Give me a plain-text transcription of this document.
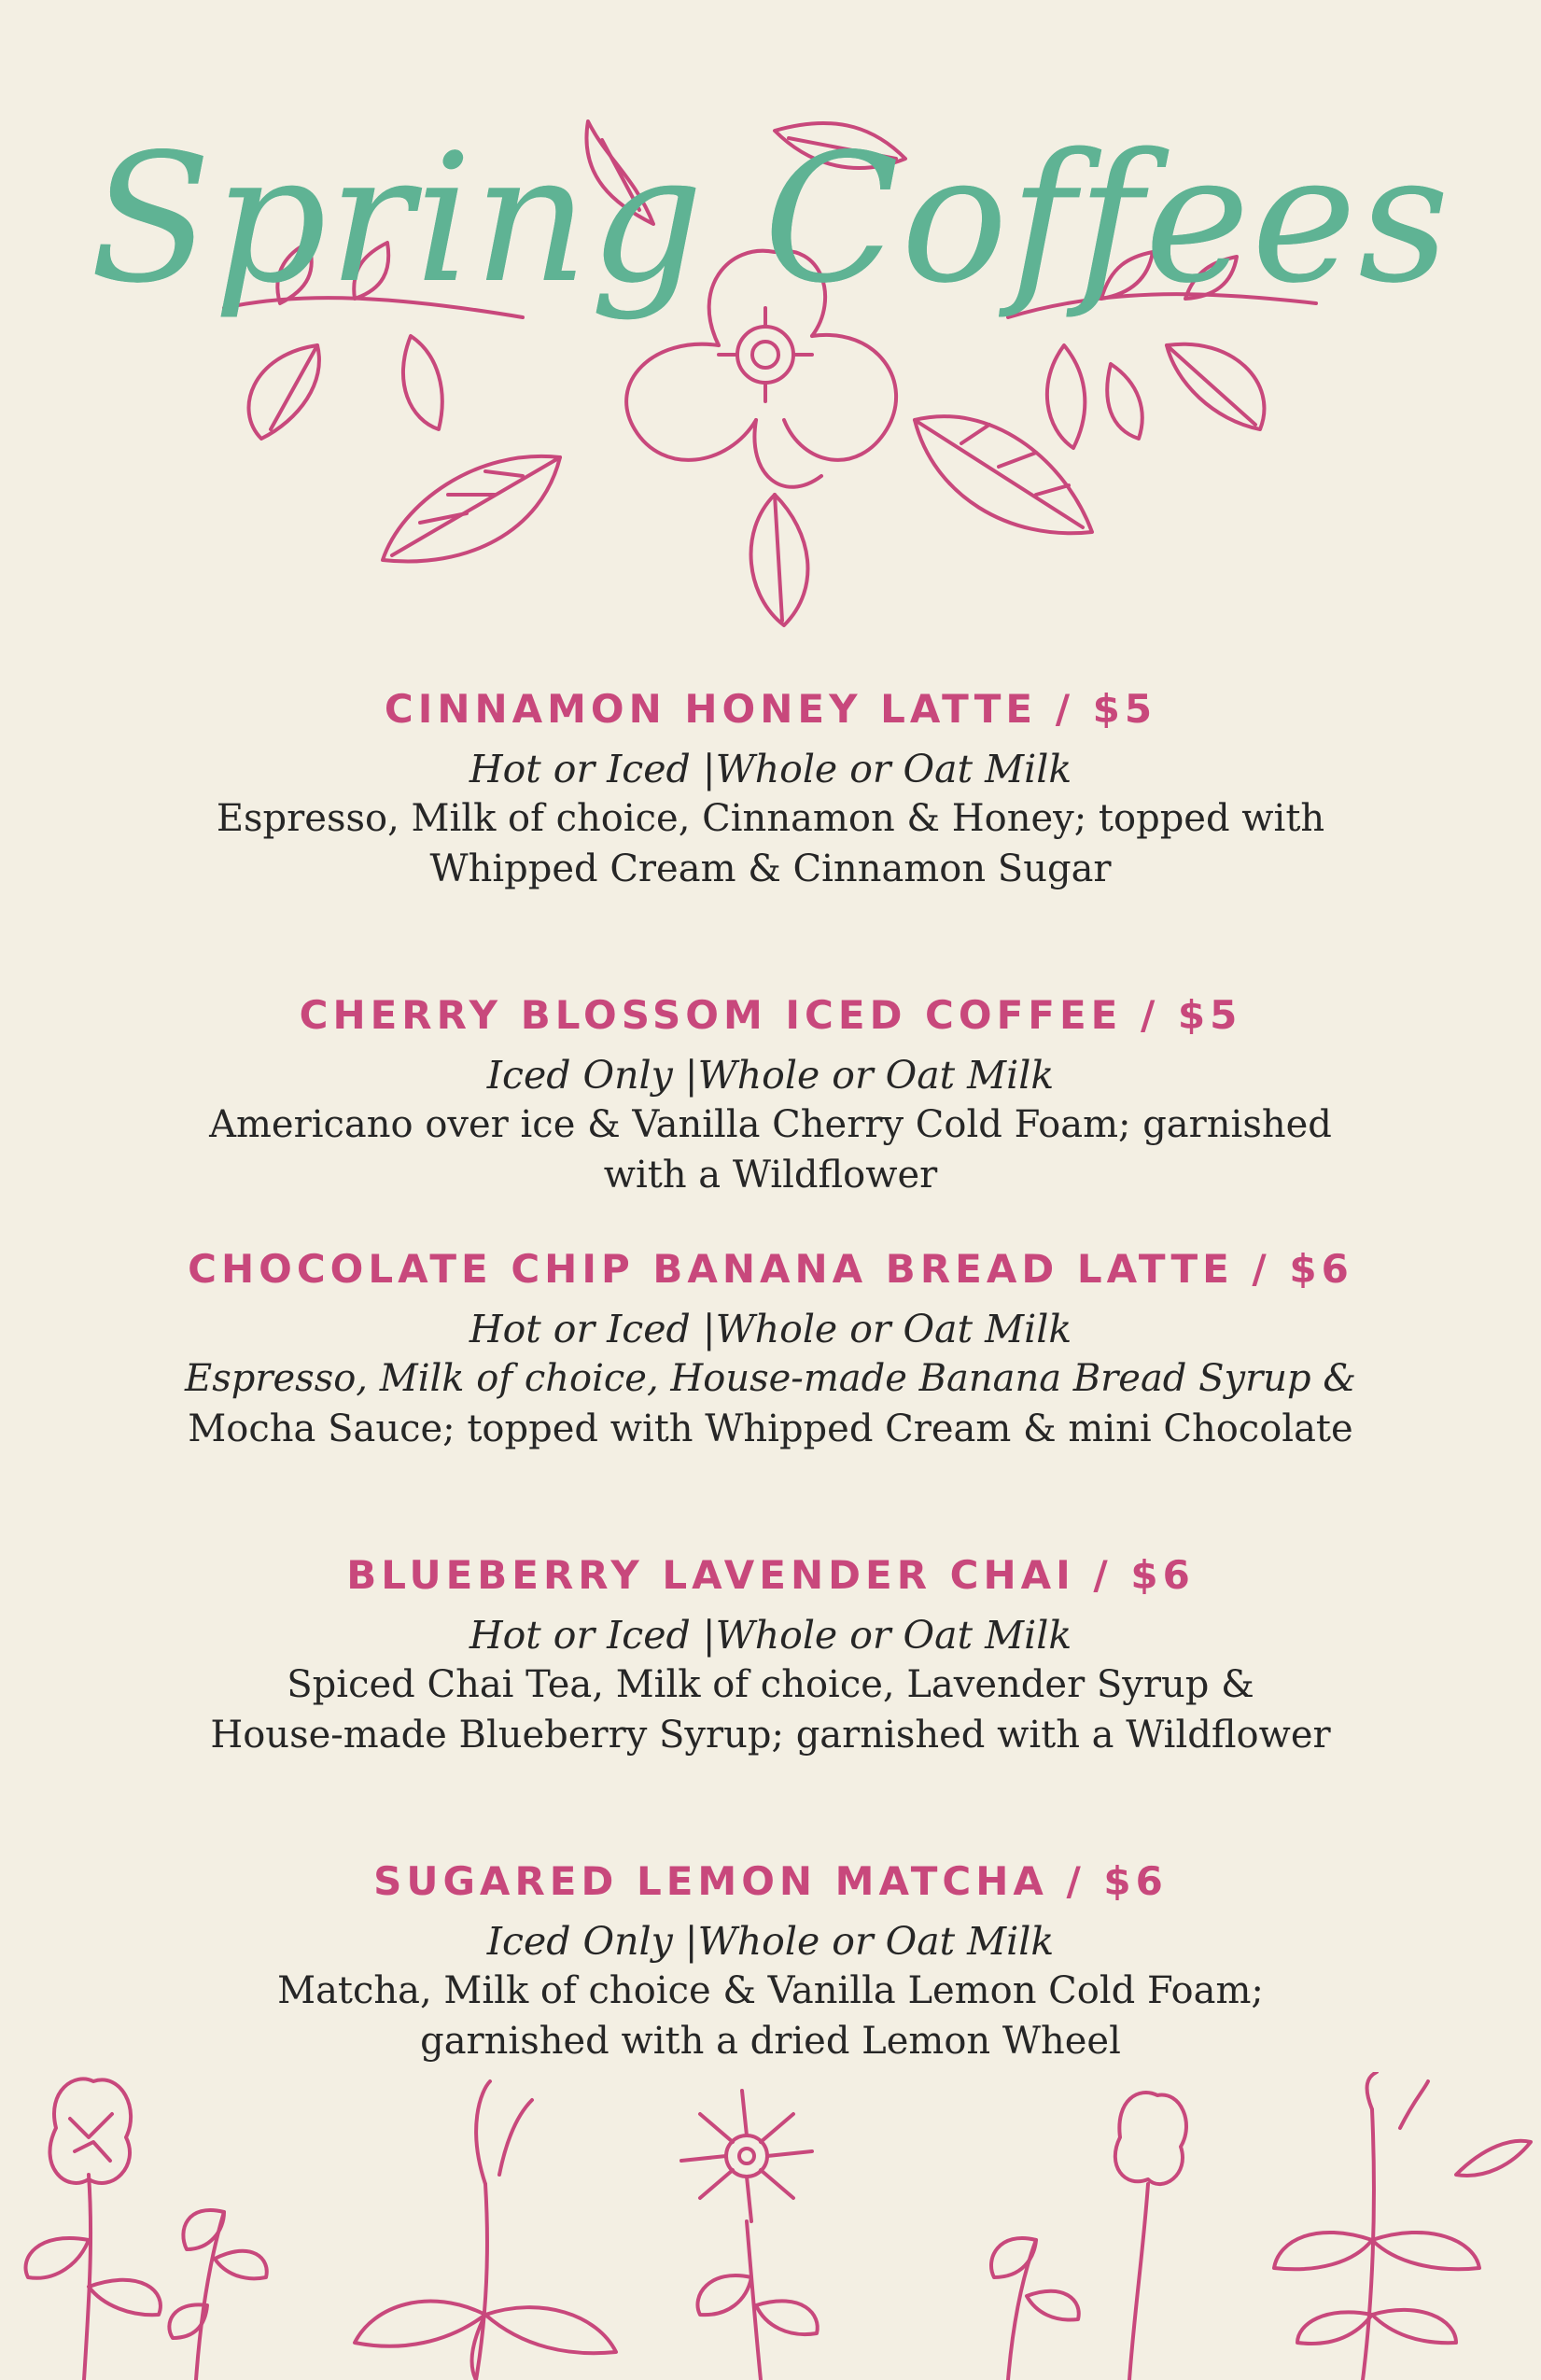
Spring Coffees
CINNAMON HONEY LATTE / $5
Hot or Iced |Whole or Oat Milk
Espresso, Milk of choice, Cinnamon & Honey; topped with
Whipped Cream & Cinnamon Sugar
CHERRY BLOSSOM ICED COFFEE / $5
Iced Only |Whole or Oat Milk
Americano over ice & Vanilla Cherry Cold Foam; garnished
with a Wildflower
CHOCOLATE CHIP BANANA BREAD LATTE / $6
Hot or Iced |Whole or Oat Milk
Espresso, Milk of choice, House-made Banana Bread Syrup &
Mocha Sauce; topped with Whipped Cream & mini Chocolate
BLUEBERRY LAVENDER CHAI / $6
Hot or Iced |Whole or Oat Milk
Spiced Chai Tea, Milk of choice, Lavender Syrup &
House-made Blueberry Syrup; garnished with a Wildflower
SUGARED LEMON MATCHA / $6
Iced Only |Whole or Oat Milk
Matcha, Milk of choice & Vanilla Lemon Cold Foam;
garnished with a dried Lemon Wheel
